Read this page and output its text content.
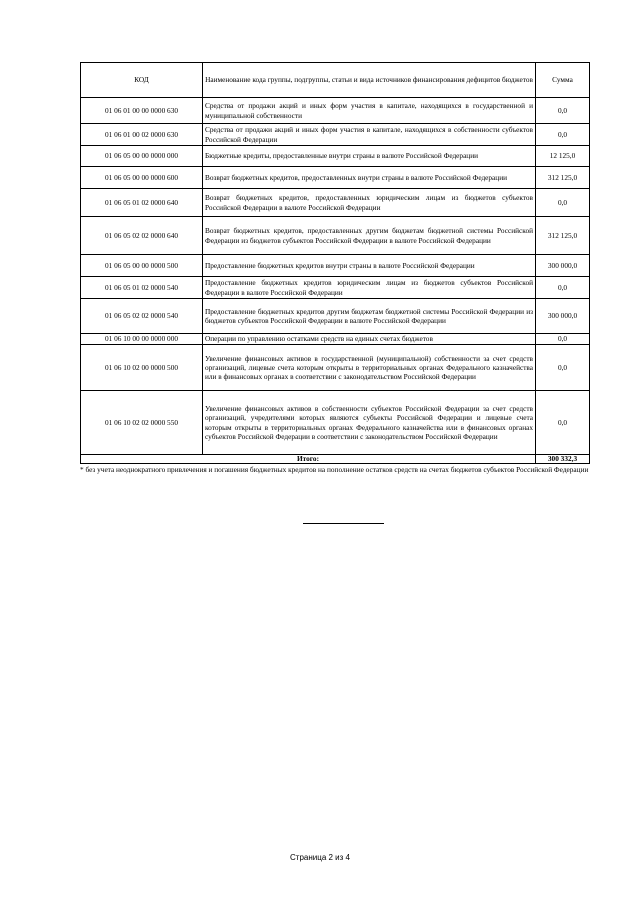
КОД	Наименование кода группы, подгруппы, статьи и вида источников финансирования дефицитов бюджетов	Сумма
01 06 01 00 00 0000 630	Средства от продажи акций и иных форм участия в капитале, находящихся в государственной и муниципальной собственности	0,0
01 06 01 00 02 0000 630	Средства от продажи акций и иных форм участия в капитале, находящихся в собственности субъектов Российской Федерации	0,0
01 06 05 00 00 0000 000	Бюджетные кредиты, предоставленные внутри страны в валюте Российской Федерации	12 125,0
01 06 05 00 00 0000 600	Возврат бюджетных кредитов, предоставленных внутри страны в валюте Российской Федерации	312 125,0
01 06 05 01 02 0000 640	Возврат бюджетных кредитов, предоставленных юридическим лицам из бюджетов субъектов Российской Федерации в валюте Российской Федерации	0,0
01 06 05 02 02 0000 640	Возврат бюджетных кредитов, предоставленных другим бюджетам бюджетной системы Российской Федерации из бюджетов субъектов Российской Федерации в валюте Российской Федерации	312 125,0
01 06 05 00 00 0000 500	Предоставление бюджетных кредитов внутри страны в валюте Российской Федерации	300 000,0
01 06 05 01 02 0000 540	Предоставление бюджетных кредитов юридическим лицам из бюджетов субъектов Российской Федерации в валюте Российской Федерации	0,0
01 06 05 02 02 0000 540	Предоставление бюджетных кредитов другим бюджетам бюджетной системы Российской Федерации из бюджетов субъектов Российской Федерации в валюте Российской Федерации	300 000,0
01 06 10 00 00 0000 000	Операции по управлению остатками средств на единых счетах бюджетов	0,0
01 06 10 02 00 0000 500	Увеличение финансовых активов в государственной (муниципальной) собственности за счет средств организаций, лицевые счета которым открыты в территориальных органах Федерального казначейства или в финансовых органах в соответствии с законодательством Российской Федерации	0,0
01 06 10 02 02 0000 550	Увеличение финансовых активов в собственности субъектов Российской Федерации за счет средств организаций, учредителями которых являются субъекты Российской Федерации и лицевые счета которым открыты в территориальных органах Федерального казначейства или в финансовых органах субъектов Российской Федерации в соответствии с законодательством Российской Федерации	0,0
Итого:		300 332,3
* без учета неоднократного привлечения и погашения бюджетных кредитов на пополнение остатков средств на счетах бюджетов субъектов Российской Федерации
Страница 2 из 4
